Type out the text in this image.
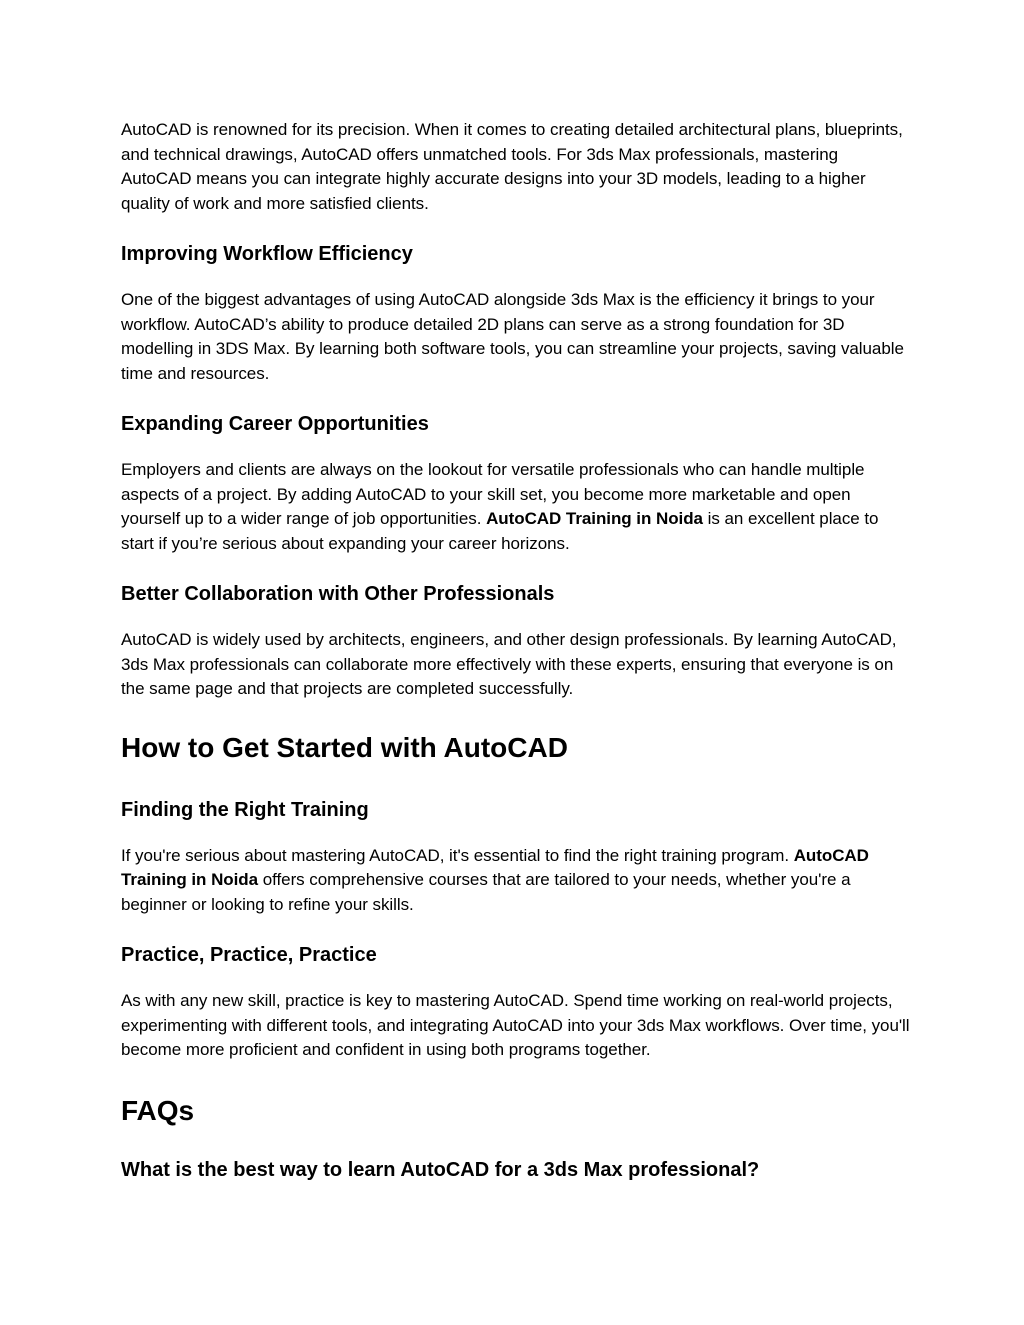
AutoCAD is renowned for its precision. When it comes to creating detailed architectural plans, blueprints, and technical drawings, AutoCAD offers unmatched tools. For 3ds Max professionals, mastering AutoCAD means you can integrate highly accurate designs into your 3D models, leading to a higher quality of work and more satisfied clients.

Improving Workflow Efficiency

One of the biggest advantages of using AutoCAD alongside 3ds Max is the efficiency it brings to your workflow. AutoCAD’s ability to produce detailed 2D plans can serve as a strong foundation for 3D modelling in 3DS Max. By learning both software tools, you can streamline your projects, saving valuable time and resources.

Expanding Career Opportunities

Employers and clients are always on the lookout for versatile professionals who can handle multiple aspects of a project. By adding AutoCAD to your skill set, you become more marketable and open yourself up to a wider range of job opportunities. AutoCAD Training in Noida is an excellent place to start if you’re serious about expanding your career horizons.

Better Collaboration with Other Professionals

AutoCAD is widely used by architects, engineers, and other design professionals. By learning AutoCAD, 3ds Max professionals can collaborate more effectively with these experts, ensuring that everyone is on the same page and that projects are completed successfully.

How to Get Started with AutoCAD
Finding the Right Training

If you're serious about mastering AutoCAD, it's essential to find the right training program. AutoCAD Training in Noida offers comprehensive courses that are tailored to your needs, whether you're a beginner or looking to refine your skills.

Practice, Practice, Practice

As with any new skill, practice is key to mastering AutoCAD. Spend time working on real-world projects, experimenting with different tools, and integrating AutoCAD into your 3ds Max workflows. Over time, you'll become more proficient and confident in using both programs together.

FAQs
What is the best way to learn AutoCAD for a 3ds Max professional?
